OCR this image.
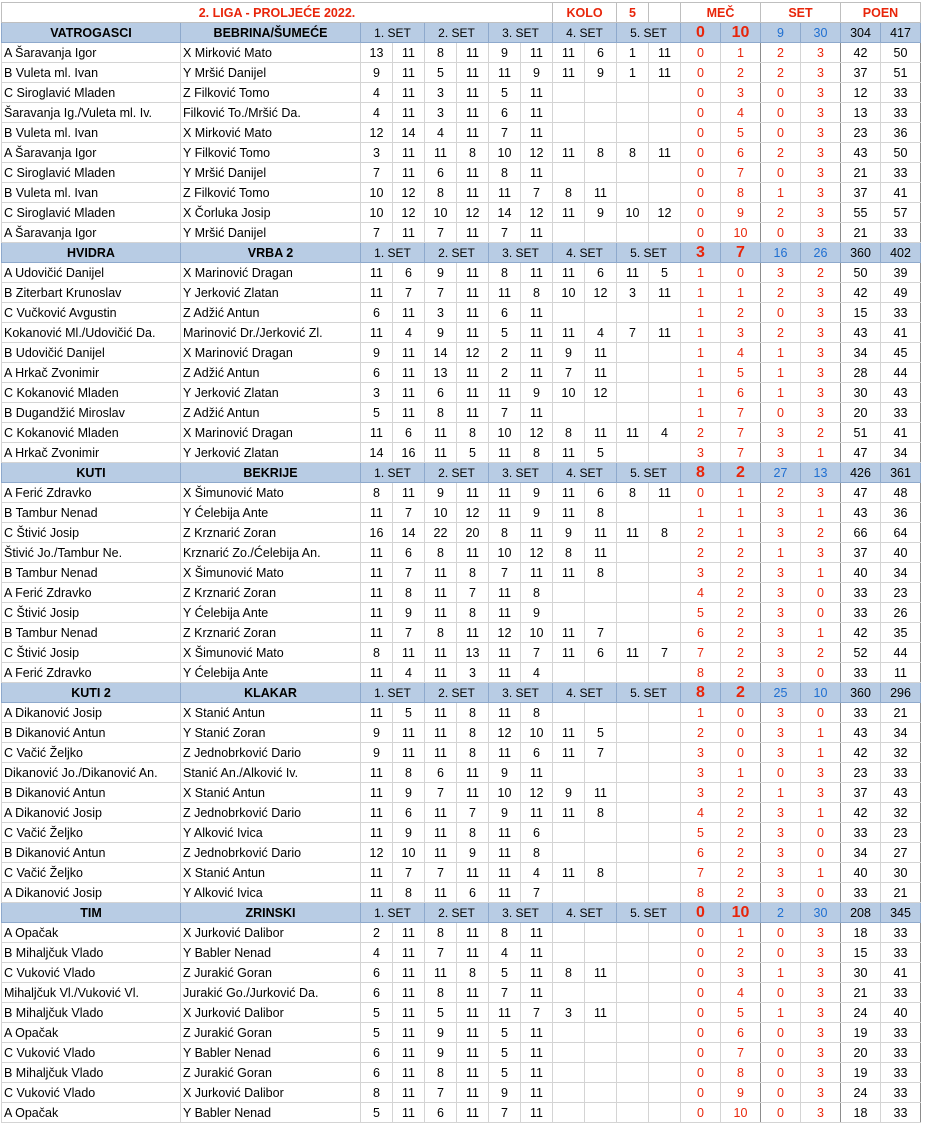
2. LIGA - PROLJEĆE 2022.								KOLO		5		MEČ		SET		POEN	
VATROGASCI	BEBRINA/ŠUMEĆE	1. SET		2. SET		3. SET		4. SET		5. SET		0	10	9	30	304	417
A Šaravanja Igor	X Mirković Mato	13	11	8	11	9	11	11	6	1	11	0	1	2	3	42	50
B Vuleta ml. Ivan	Y Mršić Danijel	9	11	5	11	11	9	11	9	1	11	0	2	2	3	37	51
C Siroglavić Mladen	Z Filković Tomo	4	11	3	11	5	11					0	3	0	3	12	33
Šaravanja Ig./Vuleta ml. Iv.	Filković To./Mršić Da.	4	11	3	11	6	11					0	4	0	3	13	33
B Vuleta ml. Ivan	X Mirković Mato	12	14	4	11	7	11					0	5	0	3	23	36
A Šaravanja Igor	Y Filković Tomo	3	11	11	8	10	12	11	8	8	11	0	6	2	3	43	50
C Siroglavić Mladen	Y Mršić Danijel	7	11	6	11	8	11					0	7	0	3	21	33
B Vuleta ml. Ivan	Z Filković Tomo	10	12	8	11	11	7	8	11			0	8	1	3	37	41
C Siroglavić Mladen	X Čorluka Josip	10	12	10	12	14	12	11	9	10	12	0	9	2	3	55	57
A Šaravanja Igor	Y Mršić Danijel	7	11	7	11	7	11					0	10	0	3	21	33
HVIDRA	VRBA 2	1. SET		2. SET		3. SET		4. SET		5. SET		3	7	16	26	360	402
A Udovičić Danijel	X Marinović Dragan	11	6	9	11	8	11	11	6	11	5	1	0	3	2	50	39
B Ziterbart Krunoslav	Y Jerković Zlatan	11	7	7	11	11	8	10	12	3	11	1	1	2	3	42	49
C Vučković Avgustin	Z Adžić Antun	6	11	3	11	6	11					1	2	0	3	15	33
Kokanović Ml./Udovičić Da.	Marinović Dr./Jerković Zl.	11	4	9	11	5	11	11	4	7	11	1	3	2	3	43	41
B Udovičić Danijel	X Marinović Dragan	9	11	14	12	2	11	9	11			1	4	1	3	34	45
A Hrkač Zvonimir	Z Adžić Antun	6	11	13	11	2	11	7	11			1	5	1	3	28	44
C Kokanović Mladen	Y Jerković Zlatan	3	11	6	11	11	9	10	12			1	6	1	3	30	43
B Dugandžić Miroslav	Z Adžić Antun	5	11	8	11	7	11					1	7	0	3	20	33
C Kokanović Mladen	X Marinović Dragan	11	6	11	8	10	12	8	11	11	4	2	7	3	2	51	41
A Hrkač Zvonimir	Y Jerković Zlatan	14	16	11	5	11	8	11	5			3	7	3	1	47	34
KUTI	BEKRIJE	1. SET		2. SET		3. SET		4. SET		5. SET		8	2	27	13	426	361
A Ferić Zdravko	X Šimunović Mato	8	11	9	11	11	9	11	6	8	11	0	1	2	3	47	48
B Tambur Nenad	Y Ćelebija Ante	11	7	10	12	11	9	11	8			1	1	3	1	43	36
C Štivić Josip	Z Krznarić Zoran	16	14	22	20	8	11	9	11	11	8	2	1	3	2	66	64
Štivić Jo./Tambur Ne.	Krznarić Zo./Ćelebija An.	11	6	8	11	10	12	8	11			2	2	1	3	37	40
B Tambur Nenad	X Šimunović Mato	11	7	11	8	7	11	11	8			3	2	3	1	40	34
A Ferić Zdravko	Z Krznarić Zoran	11	8	11	7	11	8					4	2	3	0	33	23
C Štivić Josip	Y Ćelebija Ante	11	9	11	8	11	9					5	2	3	0	33	26
B Tambur Nenad	Z Krznarić Zoran	11	7	8	11	12	10	11	7			6	2	3	1	42	35
C Štivić Josip	X Šimunović Mato	8	11	11	13	11	7	11	6	11	7	7	2	3	2	52	44
A Ferić Zdravko	Y Ćelebija Ante	11	4	11	3	11	4					8	2	3	0	33	11
KUTI 2	KLAKAR	1. SET		2. SET		3. SET		4. SET		5. SET		8	2	25	10	360	296
A Dikanović Josip	X Stanić Antun	11	5	11	8	11	8					1	0	3	0	33	21
B Dikanović Antun	Y Stanić Zoran	9	11	11	8	12	10	11	5			2	0	3	1	43	34
C Vačić Željko	Z Jednobrković Dario	9	11	11	8	11	6	11	7			3	0	3	1	42	32
Dikanović Jo./Dikanović An.	Stanić An./Alković Iv.	11	8	6	11	9	11					3	1	0	3	23	33
B Dikanović Antun	X Stanić Antun	11	9	7	11	10	12	9	11			3	2	1	3	37	43
A Dikanović Josip	Z Jednobrković Dario	11	6	11	7	9	11	11	8			4	2	3	1	42	32
C Vačić Željko	Y Alković Ivica	11	9	11	8	11	6					5	2	3	0	33	23
B Dikanović Antun	Z Jednobrković Dario	12	10	11	9	11	8					6	2	3	0	34	27
C Vačić Željko	X Stanić Antun	11	7	7	11	11	4	11	8			7	2	3	1	40	30
A Dikanović Josip	Y Alković Ivica	11	8	11	6	11	7					8	2	3	0	33	21
TIM	ZRINSKI	1. SET		2. SET		3. SET		4. SET		5. SET		0	10	2	30	208	345
A Opačak	X Jurković Dalibor	2	11	8	11	8	11					0	1	0	3	18	33
B Mihaljčuk Vlado	Y Babler Nenad	4	11	7	11	4	11					0	2	0	3	15	33
C Vuković Vlado	Z Jurakić Goran	6	11	11	8	5	11	8	11			0	3	1	3	30	41
Mihaljčuk Vl./Vuković Vl.	Jurakić Go./Jurković Da.	6	11	8	11	7	11					0	4	0	3	21	33
B Mihaljčuk Vlado	X Jurković Dalibor	5	11	5	11	11	7	3	11			0	5	1	3	24	40
A Opačak	Z Jurakić Goran	5	11	9	11	5	11					0	6	0	3	19	33
C Vuković Vlado	Y Babler Nenad	6	11	9	11	5	11					0	7	0	3	20	33
B Mihaljčuk Vlado	Z Jurakić Goran	6	11	8	11	5	11					0	8	0	3	19	33
C Vuković Vlado	X Jurković Dalibor	8	11	7	11	9	11					0	9	0	3	24	33
A Opačak	Y Babler Nenad	5	11	6	11	7	11					0	10	0	3	18	33
